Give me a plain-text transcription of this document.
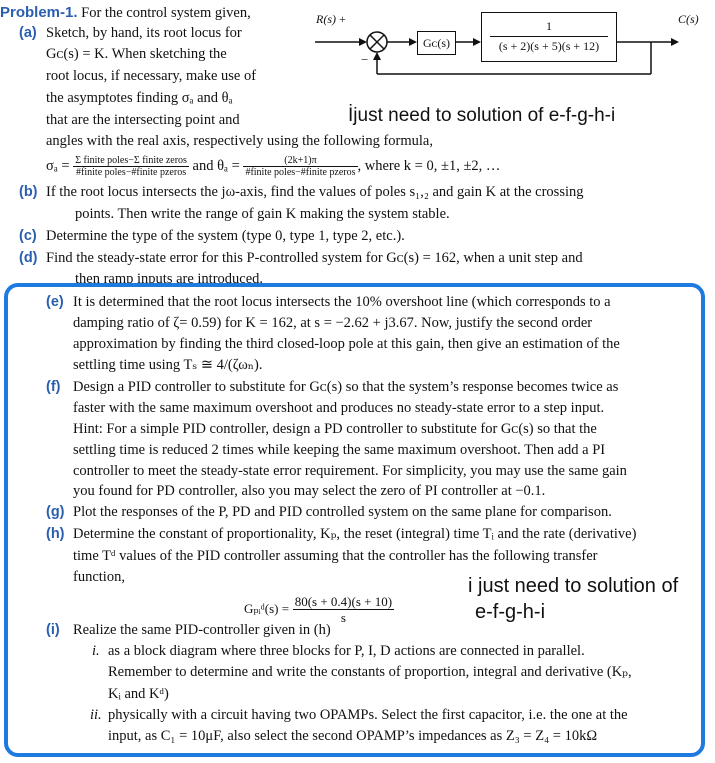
Problem-1. For the control system given,
(a) Sketch, by hand, its root locus for
Gᴄ(s) = K. When sketching the
root locus, if necessary, make use of
the asymptotes finding σₐ and θₐ
that are the intersecting point and
angles with the real axis, respectively using the following formula,
R(s) +
−
Gᴄ(s)	$\frac{1}{(s + 2)(s + 5)(s + 12)}$	C(s)
İjust need to solution of e-f-g-h-i
$\sigma_a = \frac{\text{Σ finite poles−Σ finite zeros}}{\text{\#finite poles−\#finite pzeros}}$ and $\theta_a = \frac{(2k+1)\pi}{\text{\#finite poles−\#finite pzeros}}$ , where k = 0, ±1, ±2, …
(b) If the root locus intersects the jω-axis, find the values of poles s₁,₂ and gain K at the crossing
points. Then write the range of gain K making the system stable.
(c) Determine the type of the system (type 0, type 1, type 2, etc.).
(d) Find the steady-state error for this P-controlled system for Gᴄ(s) = 162, when a unit step and
then ramp inputs are introduced.
(e) It is determined that the root locus intersects the 10% overshoot line (which corresponds to a
damping ratio of ζ= 0.59) for K = 162, at s = −2.62 + j3.67. Now, justify the second order
approximation by finding the third closed-loop pole at this gain, then give an estimation of the
settling time using Tₛ ≅ 4/(ζωₙ).
(f) Design a PID controller to substitute for Gᴄ(s) so that the system’s response becomes twice as
faster with the same maximum overshoot and produces no steady-state error to a step input.
Hint: For a simple PID controller, design a PD controller to substitute for Gᴄ(s) so that the
settling time is reduced 2 times while keeping the same maximum overshoot. Then add a PI
controller to meet the steady-state error requirement. For simplicity, you may use the same gain
you found for PD controller, also you may select the zero of PI controller at −0.1.
(g) Plot the responses of the P, PD and PID controlled system on the same plane for comparison.
(h) Determine the constant of proportionality, Kₚ, the reset (integral) time Tᵢ and the rate (derivative)
time Tᵈ values of the PID controller assuming that the controller has the following transfer
function,
Gₚᵢᵈ(s) = $\frac{80(s + 0.4)(s + 10)}{s}$
i just need to solution of
e-f-g-h-i
(i) Realize the same PID-controller given in (h)
i. as a block diagram where three blocks for P, I, D actions are connected in parallel.
Remember to determine and write the constants of proportion, integral and derivative (Kₚ,
Kᵢ and Kᵈ)
ii. physically with a circuit having two OPAMPs. Select the first capacitor, i.e. the one at the
input, as C₁ = 10μF, also select the second OPAMP’s impedances as Z₃ = Z₄ = 10kΩ
